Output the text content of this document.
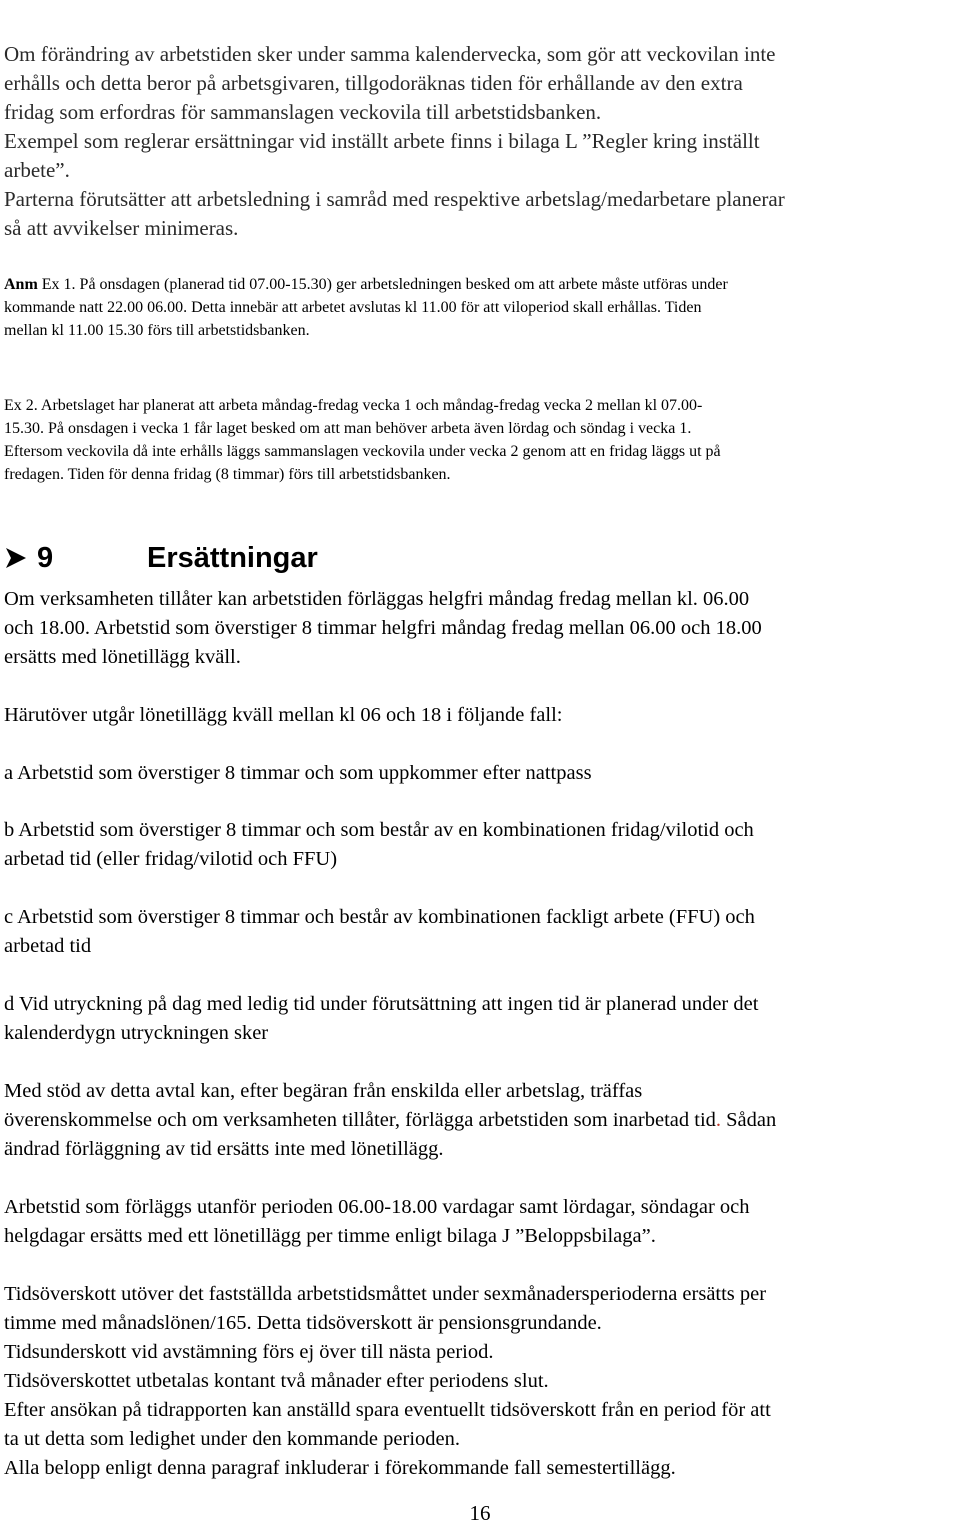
Om förändring av arbetstiden sker under samma kalendervecka, som gör att veckovilan inte
erhålls och detta beror på arbetsgivaren, tillgodoräknas tiden för erhållande av den extra
fridag som erfordras för sammanslagen veckovila till arbetstidsbanken.
Exempel som reglerar ersättningar vid inställt arbete finns i bilaga L ”Regler kring inställt
arbete”.
Parterna förutsätter att arbetsledning i samråd med respektive arbetslag/medarbetare planerar
så att avvikelser minimeras.
Anm Ex 1. På onsdagen (planerad tid 07.00-15.30) ger arbetsledningen besked om att arbete måste utföras under
kommande natt 22.00 06.00. Detta innebär att arbetet avslutas kl 11.00 för att viloperiod skall erhållas. Tiden
mellan kl 11.00 15.30 förs till arbetstidsbanken.
Ex 2. Arbetslaget har planerat att arbeta måndag-fredag vecka 1 och måndag-fredag vecka 2 mellan kl 07.00-
15.30. På onsdagen i vecka 1 får laget besked om att man behöver arbeta även lördag och söndag i vecka 1.
Eftersom veckovila då inte erhålls läggs sammanslagen veckovila under vecka 2 genom att en fridag läggs ut på
fredagen. Tiden för denna fridag (8 timmar) förs till arbetstidsbanken.
9	Ersättningar
Om verksamheten tillåter kan arbetstiden förläggas helgfri måndag fredag mellan kl. 06.00
och 18.00. Arbetstid som överstiger 8 timmar helgfri måndag fredag mellan 06.00 och 18.00
ersätts med lönetillägg kväll.
Härutöver utgår lönetillägg kväll mellan kl 06 och 18 i följande fall:
a Arbetstid som överstiger 8 timmar och som uppkommer efter nattpass
b Arbetstid som överstiger 8 timmar och som består av en kombinationen fridag/vilotid och
arbetad tid (eller fridag/vilotid och FFU)
c Arbetstid som överstiger 8 timmar och består av kombinationen fackligt arbete (FFU) och
arbetad tid
d Vid utryckning på dag med ledig tid under förutsättning att ingen tid är planerad under det
kalenderdygn utryckningen sker
Med stöd av detta avtal kan, efter begäran från enskilda eller arbetslag, träffas
överenskommelse och om verksamheten tillåter, förlägga arbetstiden som inarbetad tid. Sådan
ändrad förläggning av tid ersätts inte med lönetillägg.
Arbetstid som förläggs utanför perioden 06.00-18.00 vardagar samt lördagar, söndagar och
helgdagar ersätts med ett lönetillägg per timme enligt bilaga J ”Beloppsbilaga”.
Tidsöverskott utöver det fastställda arbetstidsmåttet under sexmånadersperioderna ersätts per
timme med månadslönen/165. Detta tidsöverskott är pensionsgrundande.
Tidsunderskott vid avstämning förs ej över till nästa period.
Tidsöverskottet utbetalas kontant två månader efter periodens slut.
Efter ansökan på tidrapporten kan anställd spara eventuellt tidsöverskott från en period för att
ta ut detta som ledighet under den kommande perioden.
Alla belopp enligt denna paragraf inkluderar i förekommande fall semestertillägg.
16
